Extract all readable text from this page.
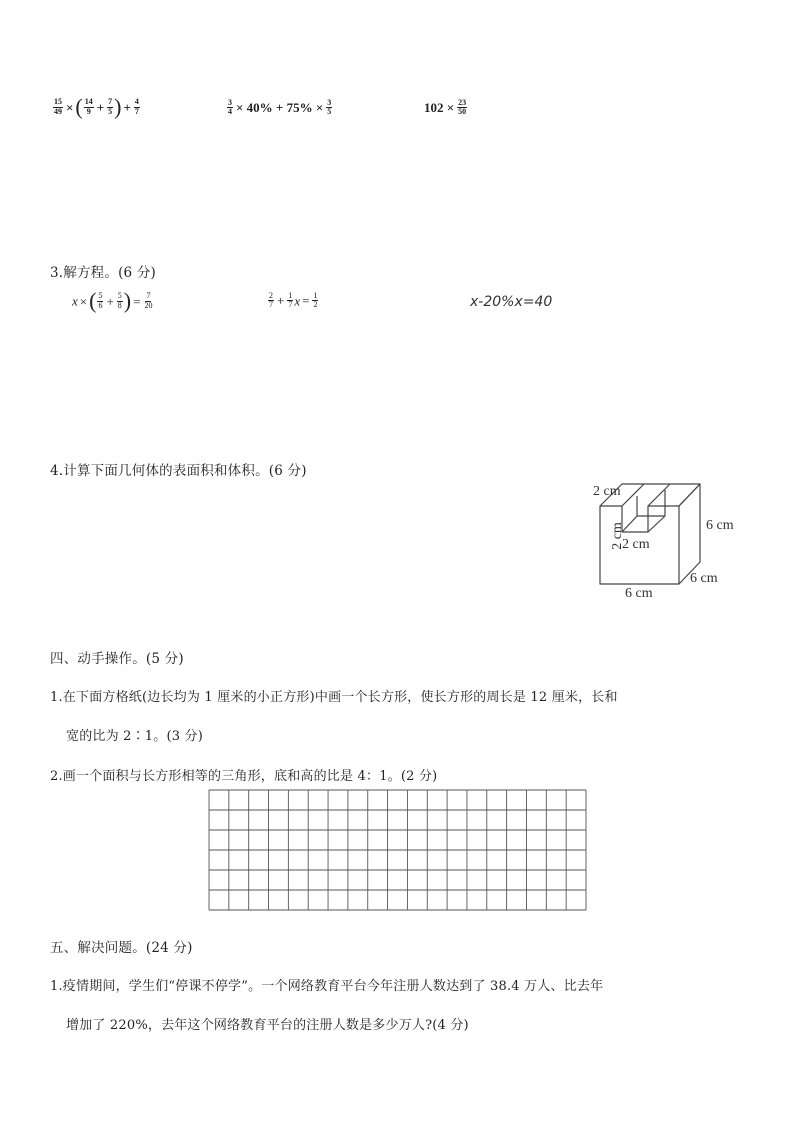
$\frac{15}{49}$ ×( $\frac{14}{9} + \frac{7}{5}$ ) + $\frac{4}{7}$	$\frac{3}{4} \times 40\% + 75\% \times \frac{3}{5}$	$102 \times \frac{23}{50}$
3.解方程。(6 分)
x ×( $\frac{5}{6} + \frac{5}{8}$ ) = $\frac{7}{20}$	$\frac{2}{7} + \frac{1}{7}$ $x = \frac{1}{2}$	x-20%x=40
4.计算下面几何体的表面积和体积。(6 分)
2 cm
2 cm
2 cm
6 cm
6 cm
6 cm
四、动手操作。(5 分)
1.在下面方格纸(边长均为 1 厘米的小正方形)中画一个长方形，使长方形的周长是 12 厘米，长和
宽的比为 2∶1。(3 分)
2.画一个面积与长方形相等的三角形，底和高的比是 4：1。(2 分)
五、解决问题。(24 分)
1.疫情期间，学生们“停课不停学”。一个网络教育平台今年注册人数达到了 38.4 万人、比去年
增加了 220%，去年这个网络教育平台的注册人数是多少万人?(4 分)
